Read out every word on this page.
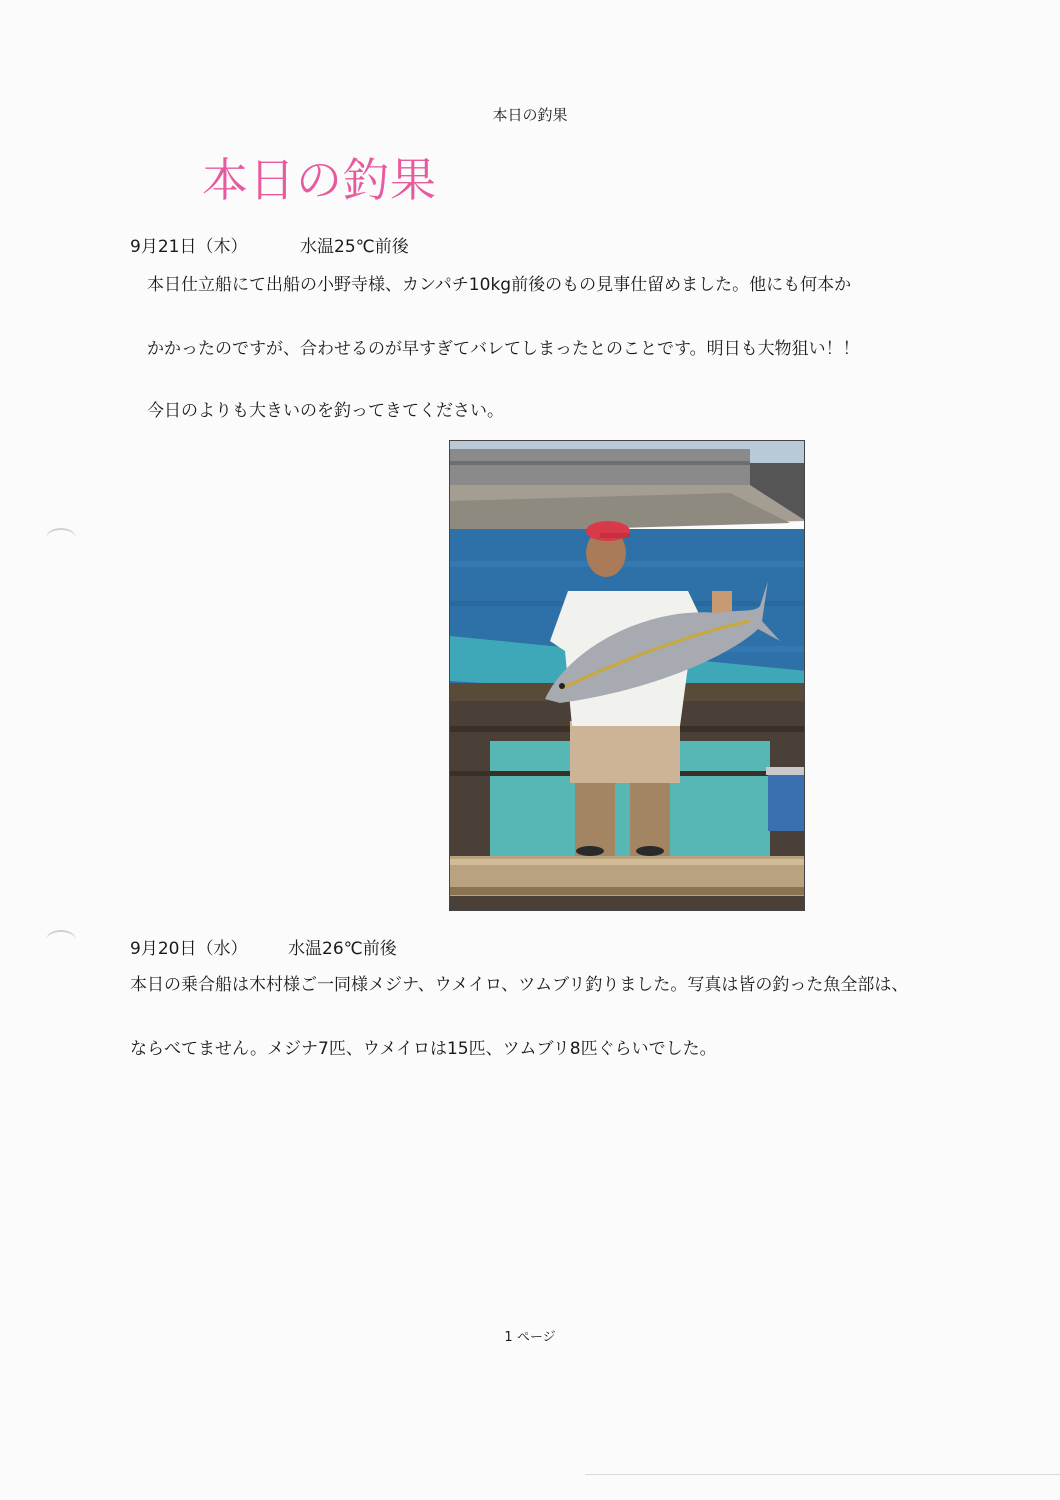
本日の釣果
本日の釣果
9月21日（木）	水温25℃前後
本日仕立船にて出船の小野寺様、カンパチ10kg前後のもの見事仕留めました。他にも何本か
かかったのですが、合わせるのが早すぎてバレてしまったとのことです。明日も大物狙い！！
今日のよりも大きいのを釣ってきてください。
9月20日（水） 水温26℃前後
本日の乗合船は木村様ご一同様メジナ、ウメイロ、ツムブリ釣りました。写真は皆の釣った魚全部は、
ならべてません。メジナ7匹、ウメイロは15匹、ツムブリ8匹ぐらいでした。
1 ページ
